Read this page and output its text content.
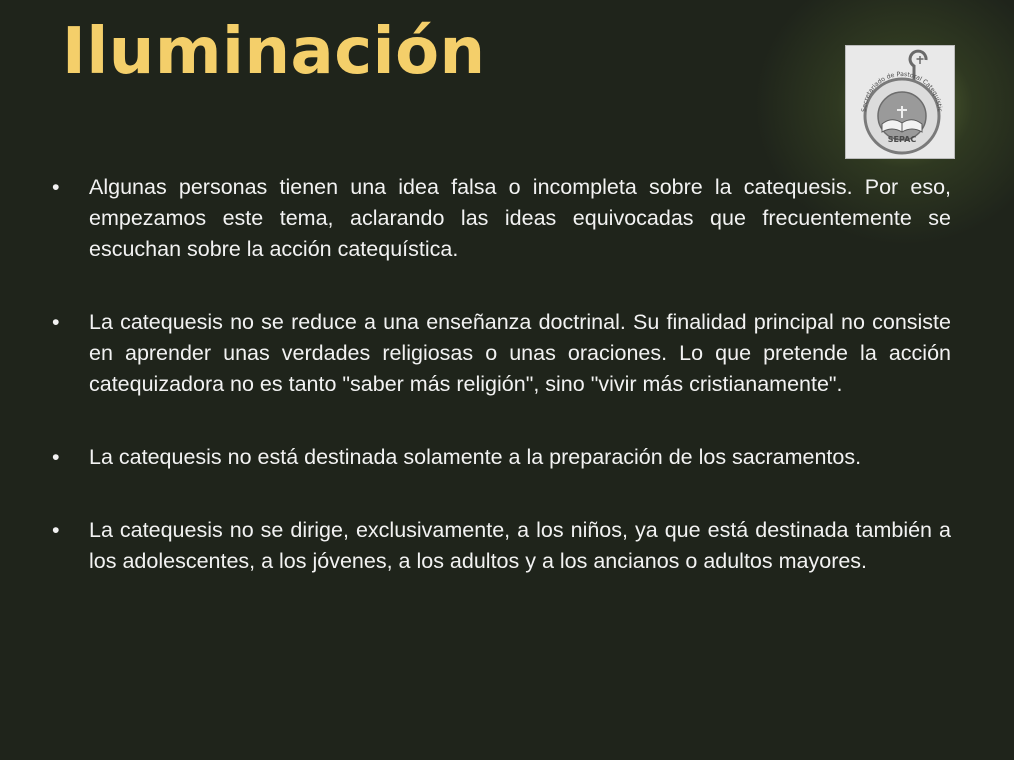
Iluminación
Secretariado de Pastoral Catequístic
SEPAC
• Algunas personas tienen una idea falsa o incompleta sobre la catequesis. Por eso, empezamos este tema, aclarando las ideas equivocadas que frecuentemente se escuchan sobre la acción catequística.
• La catequesis no se reduce a una enseñanza doctrinal. Su finalidad principal no consiste en aprender unas verdades religiosas o unas oraciones. Lo que pretende la acción catequizadora no es tanto "saber más religión", sino "vivir más cristianamente".
• La catequesis no está destinada solamente a la preparación de los sacramentos.
• La catequesis no se dirige, exclusivamente, a los niños, ya que está destinada también a los adolescentes, a los jóvenes, a los adultos y a los ancianos o adultos mayores.
